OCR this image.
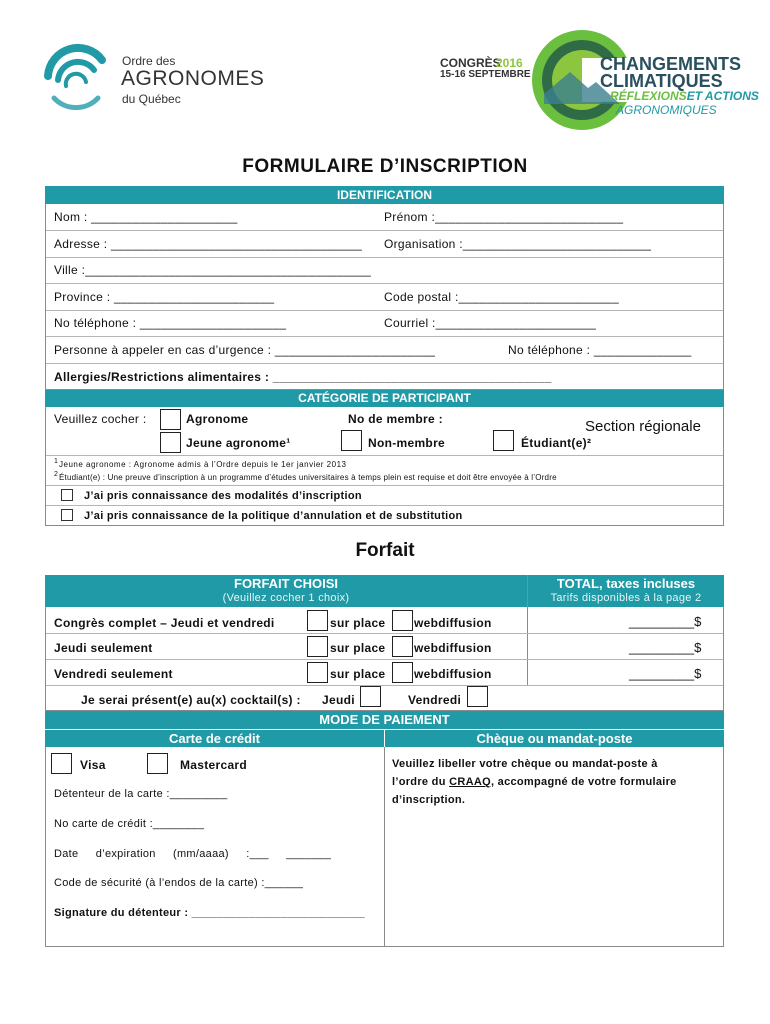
Ordre des
AGRONOMES
du Québec
CONGRÈS
2016
15-16 SEPTEMBRE
CHANGEMENTS
CLIMATIQUES
RÉFLEXIONSET ACTIONS
AGRONOMIQUES
FORMULAIRE D’INSCRIPTION
IDENTIFICATION
Nom : _____________________	Prénom :___________________________
Adresse : ____________________________________ Organisation :___________________________
Ville :_________________________________________
Province : _______________________	Code postal :_______________________
No téléphone : _____________________	Courriel :_______________________
Personne à appeler en cas d’urgence : _______________________	No téléphone : ______________
Allergies/Restrictions alimentaires : ________________________________________
CATÉGORIE DE PARTICIPANT
Veuillez cocher :	Agronome	No de membre :	Section régionale
Jeune agronome¹	Non-membre	Étudiant(e)²
1 Jeune agronome : Agronome admis à l’Ordre depuis le 1er janvier 2013
2 Étudiant(e) : Une preuve d’inscription à un programme d’études universitaires à temps plein est requise et doit être envoyée à l’Ordre
J’ai pris connaissance des modalités d’inscription
J’ai pris connaissance de la politique d’annulation et de substitution
Forfait
FORFAIT CHOISI
(Veuillez cocher 1 choix)
TOTAL, taxes incluses
Tarifs disponibles à la page 2
Congrès complet – Jeudi et vendredi	sur place webdiffusion	_________$
Jeudi seulement	sur place webdiffusion	_________$
Vendredi seulement	sur place webdiffusion	_________$
Je serai présent(e) au(x) cocktail(s) : Jeudi	Vendredi
MODE DE PAIEMENT
Carte de crédit	Chèque ou mandat-poste
Visa	Mastercard
Détenteur de la carte :_________
No carte de crédit :________
Date d’expiration (mm/aaaa) :___ _______
Code de sécurité (à l’endos de la carte) :______
Signature du détenteur : ___________________________
Veuillez libeller votre chèque ou mandat-poste à
l’ordre du CRAAQ, accompagné de votre formulaire
d’inscription.
